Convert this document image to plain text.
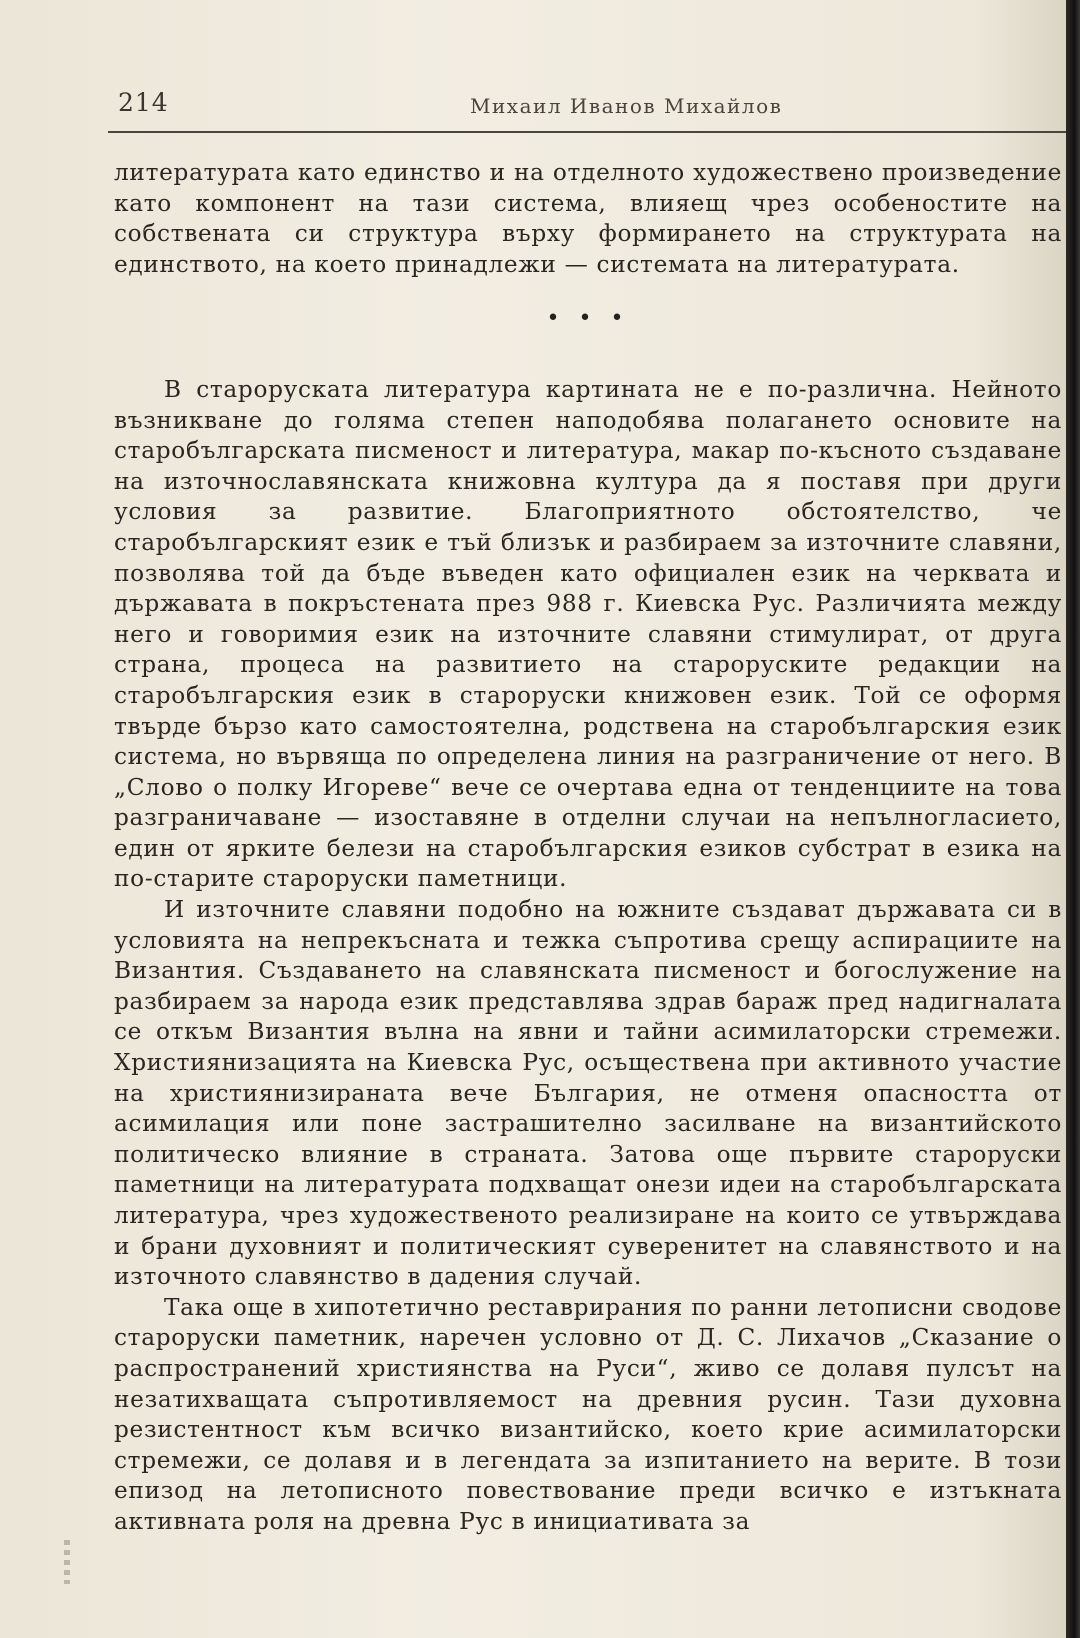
214	Михаил Иванов Михайлов

литературата като единство и на отделното художествено произведение като компонент на тази система, влияещ чрез особеностите на собствената си структура върху формирането на структурата на единството, на което принадлежи — системата на литературата.

• • •

В староруската литература картината не е по-различна. Нейното възникване до голяма степен наподобява полагането основите на старобългарската писменост и литература, макар по-късното създаване на източнославянската книжовна култура да я поставя при други условия за развитие. Благоприятното обстоятелство, че старобългарският език е тъй близък и разбираем за източните славяни, позволява той да бъде въведен като официален език на черквата и държавата в покръстената през 988 г. Киевска Рус. Различията между него и говоримия език на източните славяни стимулират, от друга страна, процеса на развитието на староруските редакции на старобългарския език в староруски книжовен език. Той се оформя твърде бързо като самостоятелна, родствена на старобългарския език система, но вървяща по определена линия на разграничение от него. В „Слово о полку Игореве“ вече се очертава една от тенденциите на това разграничаване — изоставяне в отделни случаи на непълногласието, един от ярките белези на старобългарския езиков субстрат в езика на по-старите староруски паметници.

И източните славяни подобно на южните създават държавата си в условията на непрекъсната и тежка съпротива срещу аспирациите на Византия. Създаването на славянската писменост и богослужение на разбираем за народа език представлява здрав бараж пред надигналата се откъм Византия вълна на явни и тайни асимилаторски стремежи. Християнизацията на Киевска Рус, осъществена при активното участие на християнизираната вече България, не отменя опасността от асимилация или поне застрашително засилване на византийското политическо влияние в страната. Затова още първите староруски паметници на литературата подхващат онези идеи на старобългарската литература, чрез художественото реализиране на които се утвърждава и брани духовният и политическият суверенитет на славянството и на източното славянство в дадения случай.

Така още в хипотетично реставрирания по ранни летописни сводове староруски паметник, наречен условно от Д. С. Лихачов „Сказание о распространений християнства на Руси“, живо се долавя пулсът на незатихващата съпротивляемост на древния русин. Тази духовна резистентност към всичко византийско, което крие асимилаторски стремежи, се долавя и в легендата за изпитанието на верите. В този епизод на летописното повествование преди всичко е изтъкната активната роля на древна Рус в инициативата за
